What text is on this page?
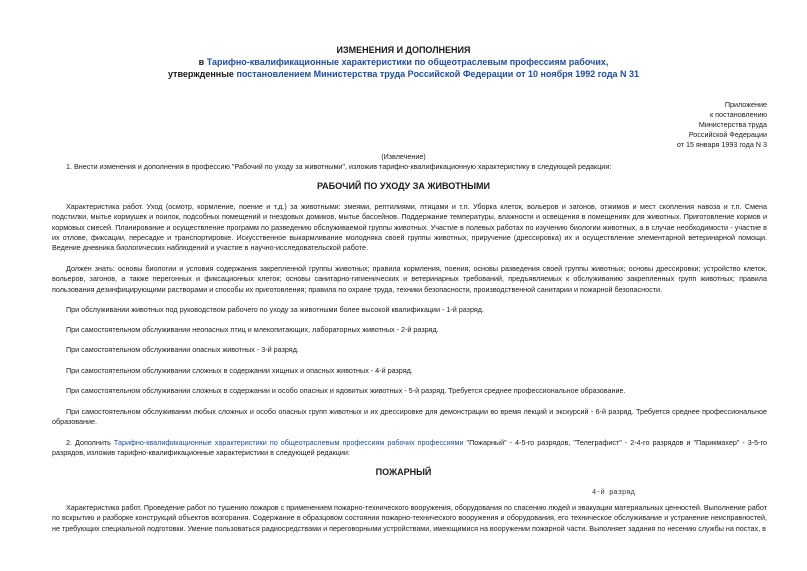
ИЗМЕНЕНИЯ И ДОПОЛНЕНИЯ
в Тарифно-квалификационные характеристики по общеотраслевым профессиям рабочих,
утвержденные постановлением Министерства труда Российской Федерации от 10 ноября 1992 года N 31
Приложение
к постановлению
Министерства труда
Российской Федерации
от 15 января 1993 года N 3
(Извлечение)
1. Внести изменения и дополнения в профессию "Рабочий по уходу за животными", изложив тарифно-квалификационную характеристику в следующей редакции:
РАБОЧИЙ ПО УХОДУ ЗА ЖИВОТНЫМИ
Характеристика работ. Уход (осмотр, кормление, поение и т.д.) за животными: змеями, рептилиями, птицами и т.п. Уборка клеток, вольеров и загонов, отжимов и мест скопления навоза и т.п. Смена подстилки, мытье кормушек и поилок, подсобных помещений и гнездовых домиков, мытье бассейнов. Поддержание температуры, влажности и освещения в помещениях для животных. Приготовление кормов и кормовых смесей. Планирование и осуществление программ по разведению обслуживаемой группы животных. Участие в полевых работах по изучению биологии животных, а в случае необходимости - участие в их отлове, фиксации, пересадке и транспортировке. Искусственное выкармливание молодняка своей группы животных, приручение (дрессировка) их и осуществление элементарной ветеринарной помощи. Ведение дневника биологических наблюдений и участие в научно-исследовательской работе.
Должен знать: основы биологии и условия содержания закрепленной группы животных; правила кормления, поения; основы разведения своей группы животных; основы дрессировки; устройство клеток, вольеров, загонов, а также перегонных и фиксационных клеток; основы санитарно-гигиенических и ветеринарных требований, предъявляемых к обслуживанию закрепленных групп животных; правила пользования дезинфицирующими растворами и способы их приготовления; правила по охране труда, техники безопасности, производственной санитарии и пожарной безопасности.
При обслуживании животных под руководством рабочего по уходу за животными более высокой квалификации - 1-й разряд.
При самостоятельном обслуживании неопасных птиц и млекопитающих, лабораторных животных - 2-й разряд.
При самостоятельном обслуживании опасных животных - 3-й разряд.
При самостоятельном обслуживании сложных в содержании хищных и опасных животных - 4-й разряд.
При самостоятельном обслуживании сложных в содержании и особо опасных и ядовитых животных - 5-й разряд. Требуется среднее профессиональное образование.
При самостоятельном обслуживании любых сложных и особо опасных групп животных и их дрессировке для демонстрации во время лекций и экскурсий - 6-й разряд. Требуется среднее профессиональное образование.
2. Дополнить Тарифно-квалификационные характеристики по общеотраслевым профессиям рабочих профессиями "Пожарный" - 4-5-го разрядов, "Телеграфист" - 2-4-го разрядов и "Парикмахер" - 3-5-го разрядов, изложив тарифно-квалификационные характеристики в следующей редакции:
ПОЖАРНЫЙ
4-й разряд
Характеристика работ. Проведение работ по тушению пожаров с применением пожарно-технического вооружения, оборудования по спасению людей и эвакуации материальных ценностей. Выполнение работ по вскрытию и разборке конструкций объектов возгорания. Содержание в образцовом состоянии пожарно-технического вооружения и оборудования, его техническое обслуживание и устранение неисправностей, не требующих специальной подготовки. Умение пользоваться радиосредствами и переговорными устройствами, имеющимися на вооружении пожарной части. Выполняет задания по несению службы на постах, в
